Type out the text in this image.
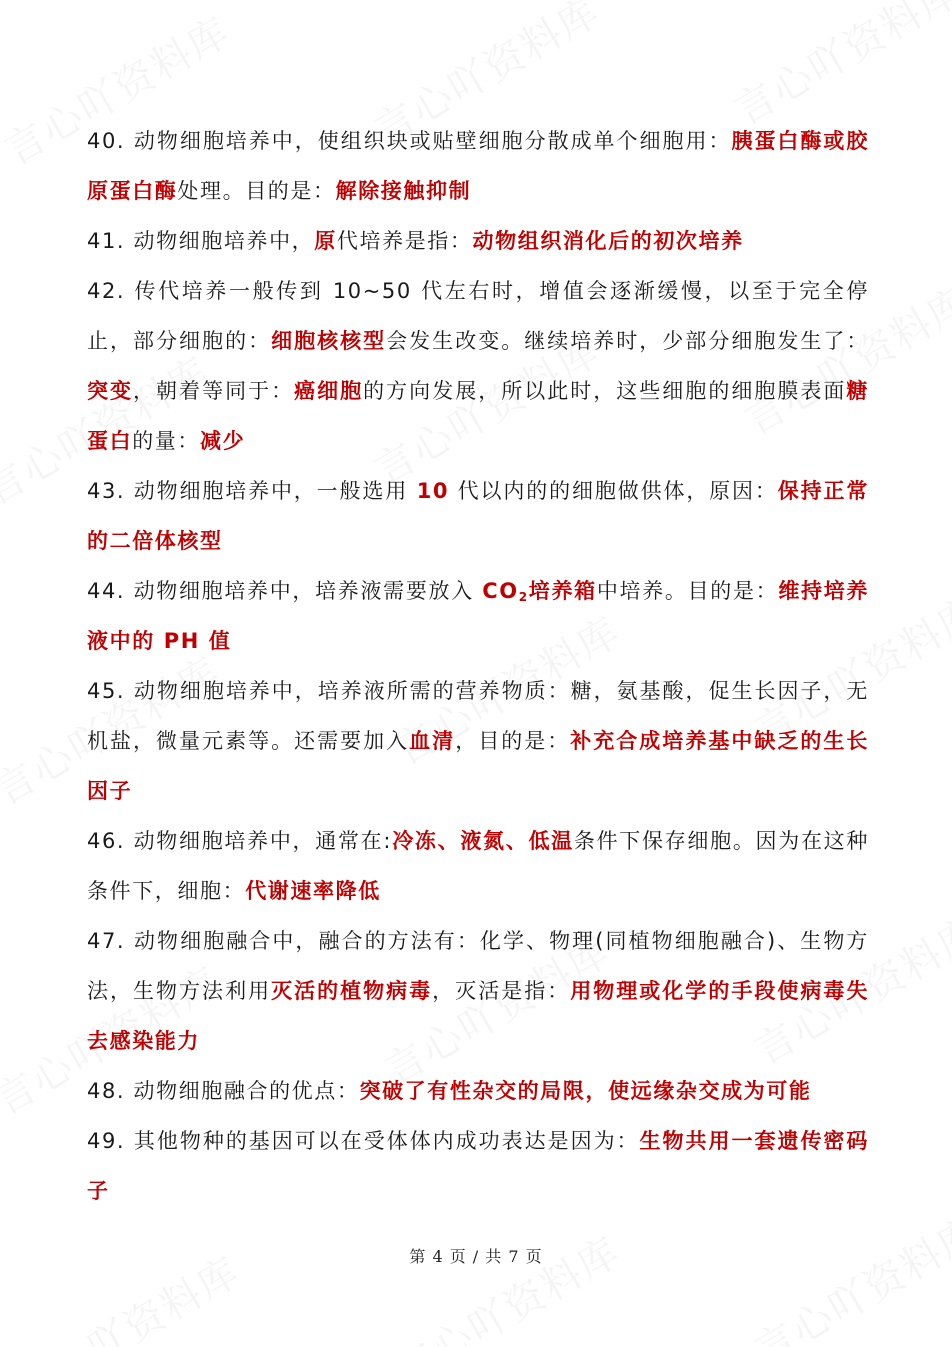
40. 动物细胞培养中，使组织块或贴壁细胞分散成单个细胞用：胰蛋白酶或胶原蛋白酶处理。目的是：解除接触抑制

41. 动物细胞培养中，原代培养是指：动物组织消化后的初次培养

42. 传代培养一般传到 10~50 代左右时，增值会逐渐缓慢，以至于完全停止，部分细胞的：细胞核核型会发生改变。继续培养时，少部分细胞发生了：突变，朝着等同于：癌细胞的方向发展，所以此时，这些细胞的细胞膜表面糖蛋白的量：减少

43. 动物细胞培养中，一般选用 10 代以内的的细胞做供体，原因：保持正常的二倍体核型

44. 动物细胞培养中，培养液需要放入 $CO_2$培养箱中培养。目的是：维持培养液中的 PH 值

45. 动物细胞培养中，培养液所需的营养物质：糖，氨基酸，促生长因子，无机盐，微量元素等。还需要加入血清，目的是：补充合成培养基中缺乏的生长因子

46. 动物细胞培养中，通常在:冷冻、液氮、低温条件下保存细胞。因为在这种条件下，细胞：代谢速率降低

47. 动物细胞融合中，融合的方法有：化学、物理(同植物细胞融合)、生物方法，生物方法利用灭活的植物病毒，灭活是指：用物理或化学的手段使病毒失去感染能力

48. 动物细胞融合的优点：突破了有性杂交的局限，使远缘杂交成为可能

49. 其他物种的基因可以在受体体内成功表达是因为：生物共用一套遗传密码子

第 4 页 / 共 7 页
